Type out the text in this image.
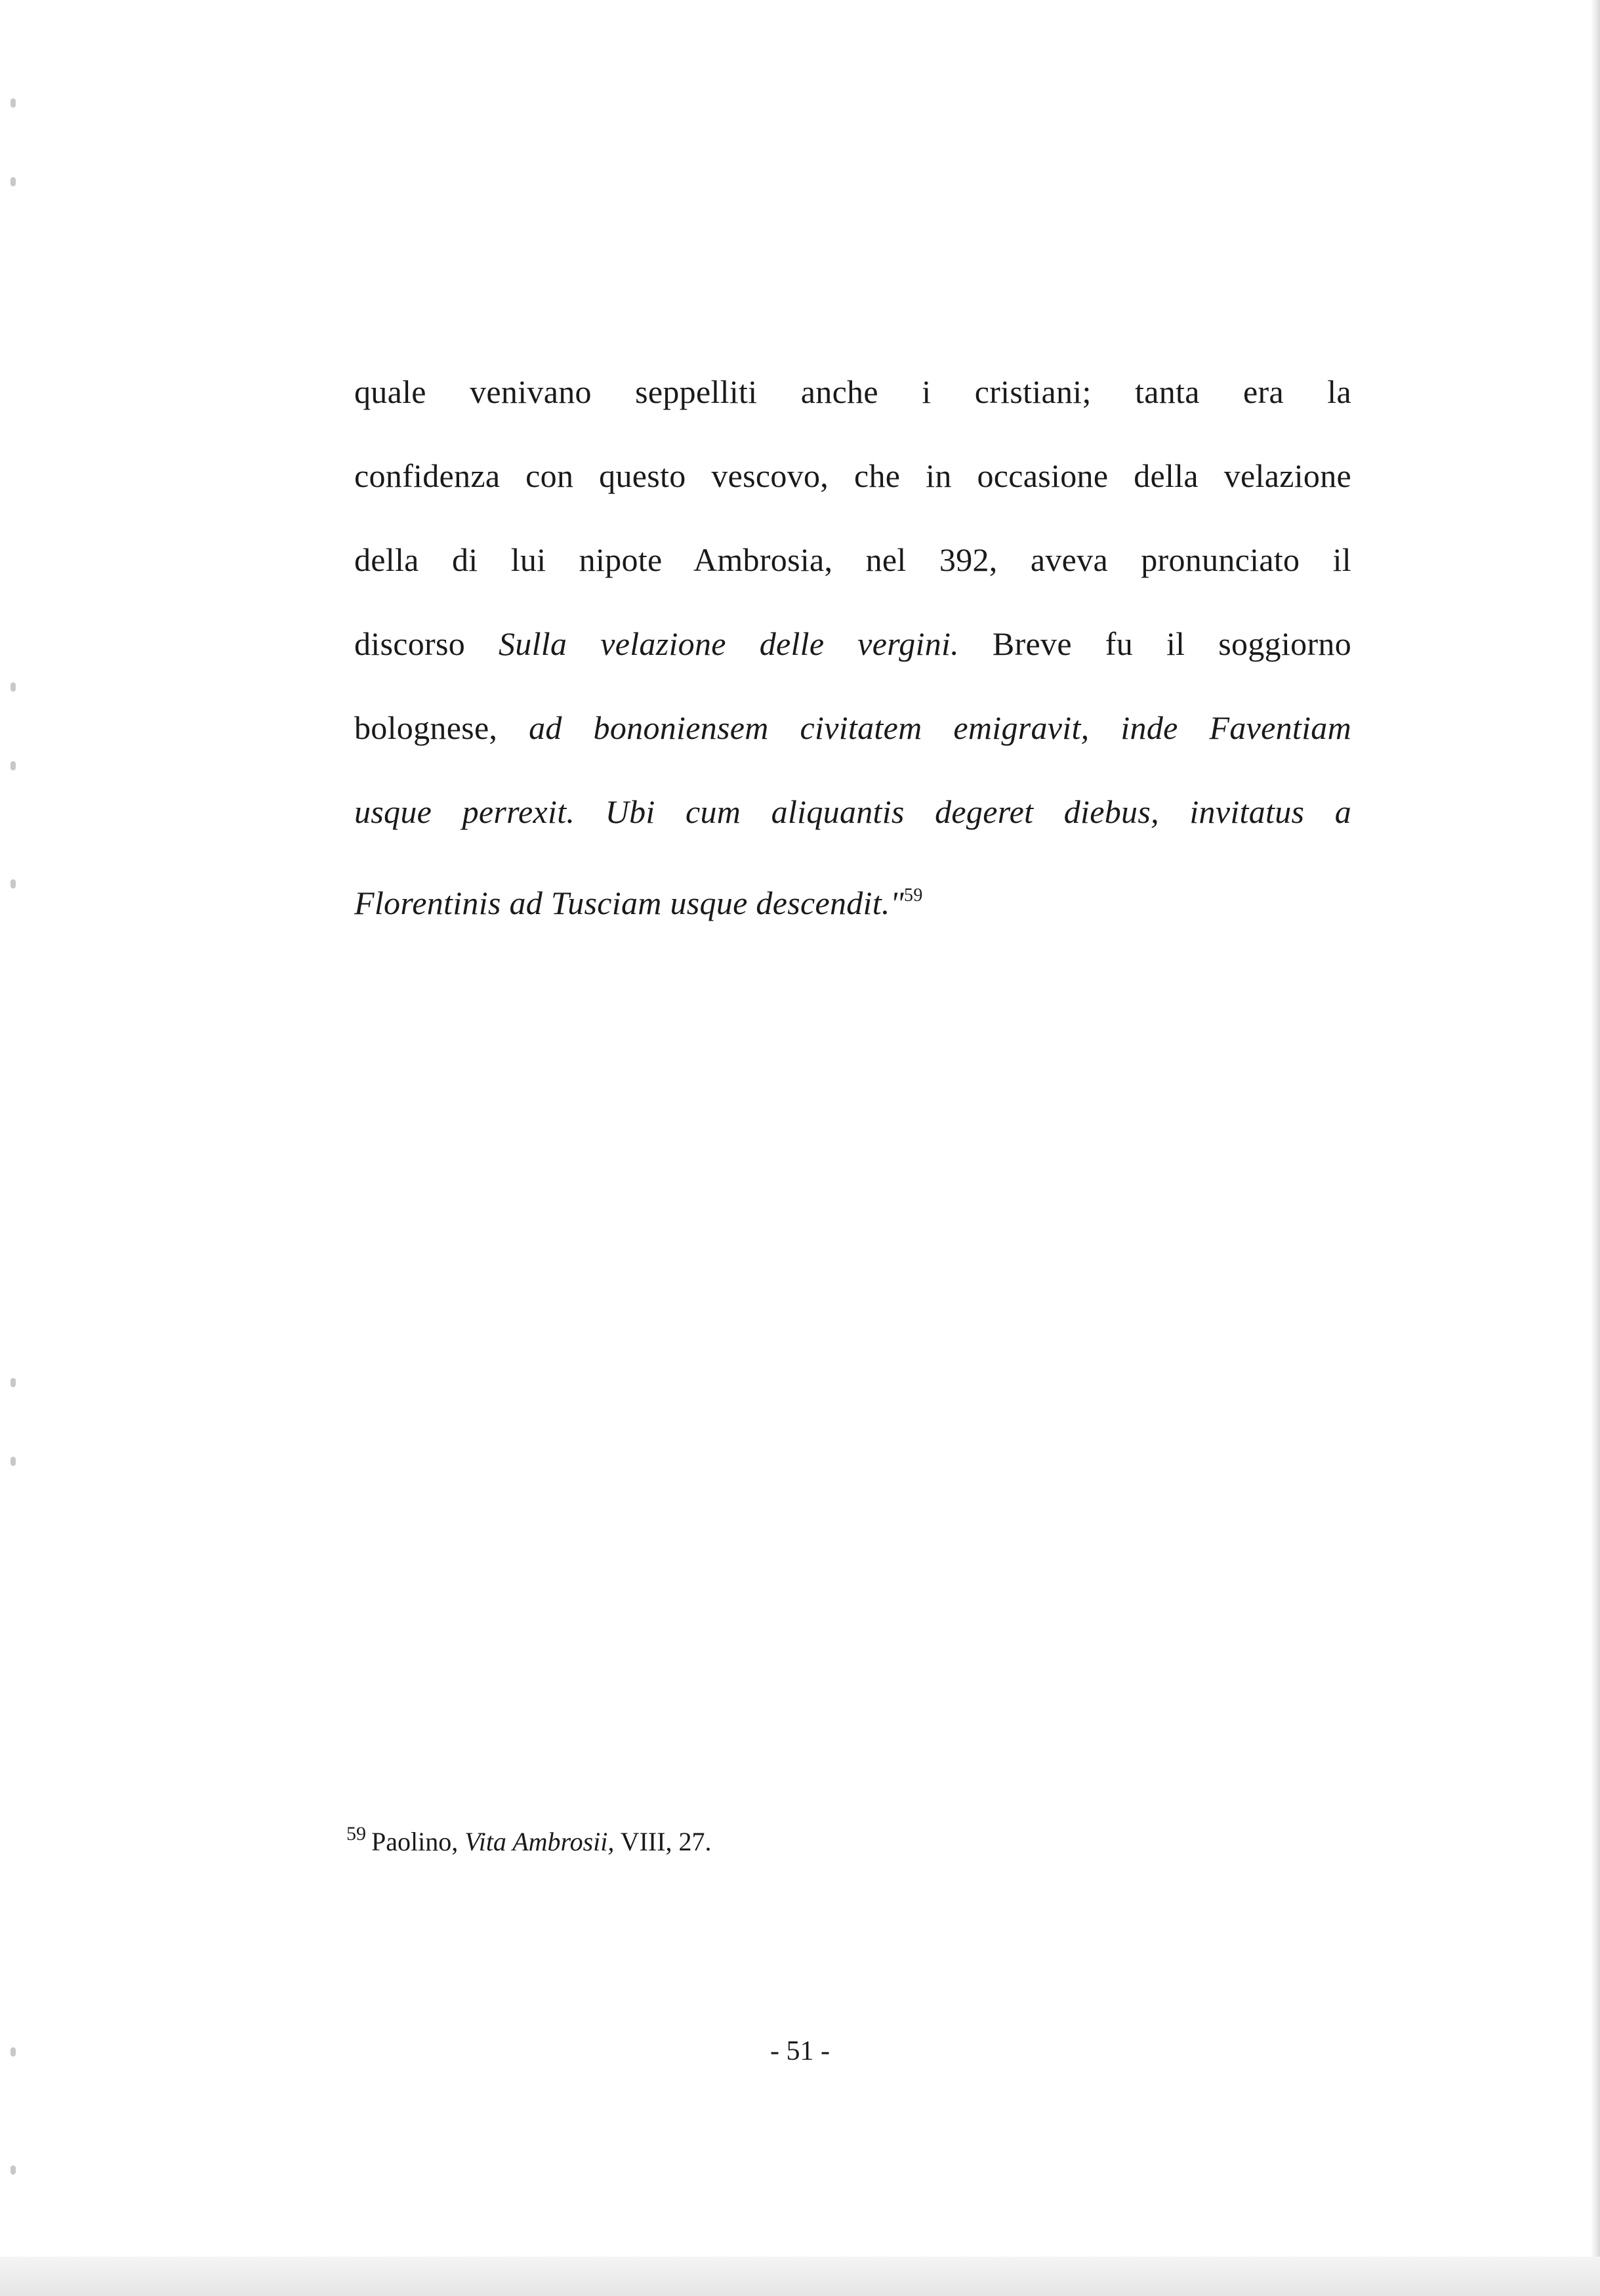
quale venivano seppelliti anche i cristiani; tanta era la
confidenza con questo vescovo, che in occasione della velazione
della di lui nipote Ambrosia, nel 392, aveva pronunciato il
discorso Sulla velazione delle vergini. Breve fu il soggiorno
bolognese, ad bononiensem civitatem emigravit, inde Faventiam
usque perrexit. Ubi cum aliquantis degeret diebus, invitatus a
Florentinis ad Tusciam usque descendit."$^{59}$
$^{59}$ Paolino, Vita Ambrosii, VIII, 27.
- 51 -
